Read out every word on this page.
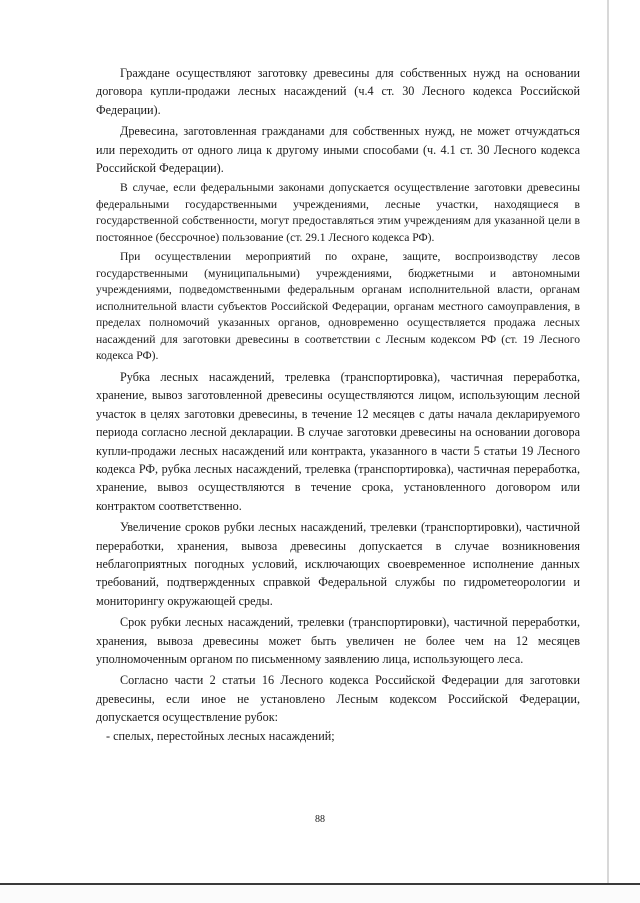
Граждане осуществляют заготовку древесины для собственных нужд на основании договора купли-продажи лесных насаждений (ч.4 ст. 30 Лесного кодекса Российской Федерации).

Древесина, заготовленная гражданами для собственных нужд, не может отчуждаться или переходить от одного лица к другому иными способами (ч. 4.1 ст. 30 Лесного кодекса Российской Федерации).

В случае, если федеральными законами допускается осуществление заготовки древесины федеральными государственными учреждениями, лесные участки, находящиеся в государственной собственности, могут предоставляться этим учреждениям для указанной цели в постоянное (бессрочное) пользование (ст. 29.1 Лесного кодекса РФ).

При осуществлении мероприятий по охране, защите, воспроизводству лесов государственными (муниципальными) учреждениями, бюджетными и автономными учреждениями, подведомственными федеральным органам исполнительной власти, органам исполнительной власти субъектов Российской Федерации, органам местного самоуправления, в пределах полномочий указанных органов, одновременно осуществляется продажа лесных насаждений для заготовки древесины в соответствии с Лесным кодексом РФ (ст. 19 Лесного кодекса РФ).

Рубка лесных насаждений, трелевка (транспортировка), частичная переработка, хранение, вывоз заготовленной древесины осуществляются лицом, использующим лесной участок в целях заготовки древесины, в течение 12 месяцев с даты начала декларируемого периода согласно лесной декларации. В случае заготовки древесины на основании договора купли-продажи лесных насаждений или контракта, указанного в части 5 статьи 19 Лесного кодекса РФ, рубка лесных насаждений, трелевка (транспортировка), частичная переработка, хранение, вывоз осуществляются в течение срока, установленного договором или контрактом соответственно.

Увеличение сроков рубки лесных насаждений, трелевки (транспортировки), частичной переработки, хранения, вывоза древесины допускается в случае возникновения неблагоприятных погодных условий, исключающих своевременное исполнение данных требований, подтвержденных справкой Федеральной службы по гидрометеорологии и мониторингу окружающей среды.

Срок рубки лесных насаждений, трелевки (транспортировки), частичной переработки, хранения, вывоза древесины может быть увеличен не более чем на 12 месяцев уполномоченным органом по письменному заявлению лица, использующего леса.

Согласно части 2 статьи 16 Лесного кодекса Российской Федерации для заготовки древесины, если иное не установлено Лесным кодексом Российской Федерации, допускается осуществление рубок:

- спелых, перестойных лесных насаждений;

88
